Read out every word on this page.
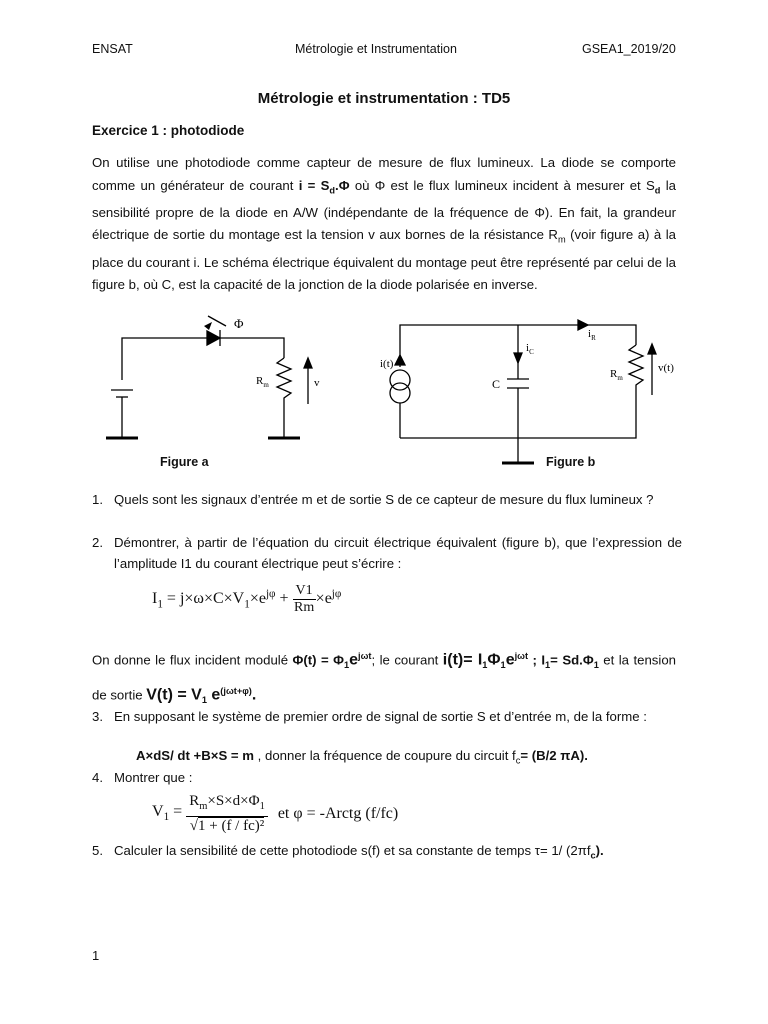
ENSAT	Métrologie et Instrumentation	GSEA1_2019/20
Métrologie et instrumentation : TD5
Exercice 1 : photodiode
On utilise une photodiode comme capteur de mesure de flux lumineux. La diode se comporte comme un générateur de courant $i = S_d.\Phi$ où Φ est le flux lumineux incident à mesurer et $S_d$ la sensibilité propre de la diode en A/W (indépendante de la fréquence de Φ). En fait, la grandeur électrique de sortie du montage est la tension v aux bornes de la résistance $R_m$ (voir figure a) à la place du courant i. Le schéma électrique équivalent du montage peut être représenté par celui de la figure b, où C, est la capacité de la jonction de la diode polarisée en inverse.
Φ
$R_m$	v
Figure a
i(t)
$i_C$
$i_R$
C
$R_m$
v(t)
Figure b
1. Quels sont les signaux d’entrée m et de sortie S de ce capteur de mesure du flux lumineux ?
2. Démontrer, à partir de l’équation du circuit électrique équivalent (figure b), que l’expression de l’amplitude I1 du courant électrique peut s’écrire :
$I_1 = j\times\omega\times C\times V_1\times e^{j\varphi} + \frac{V1}{Rm} \times e^{j\varphi}$
On donne le flux incident modulé $\Phi(t) = \Phi_1e^{j\omega t}$; le courant $i(t)= I_1\Phi_1e^{j\omega t}$ ; $I_1= Sd.\Phi_1$ et la tension de sortie $V(t) = V_1$ $e^{(j\omega t+\varphi)}$.
3. En supposant le système de premier ordre de signal de sortie S et d’entrée m, de la forme :
A×dS/ dt +B×S = m , donner la fréquence de coupure du circuit $f_c= (B/2$ πA).
4. Montrer que :
$V_1 = \frac{R_m\times S\times d\times\Phi_1}{\text{√1 + (f / fc)²}}$ et φ = -Arctg (f/fc)
5. Calculer la sensibilité de cette photodiode s(f) et sa constante de temps τ= 1/ $(2\pi f_c)$.
1
